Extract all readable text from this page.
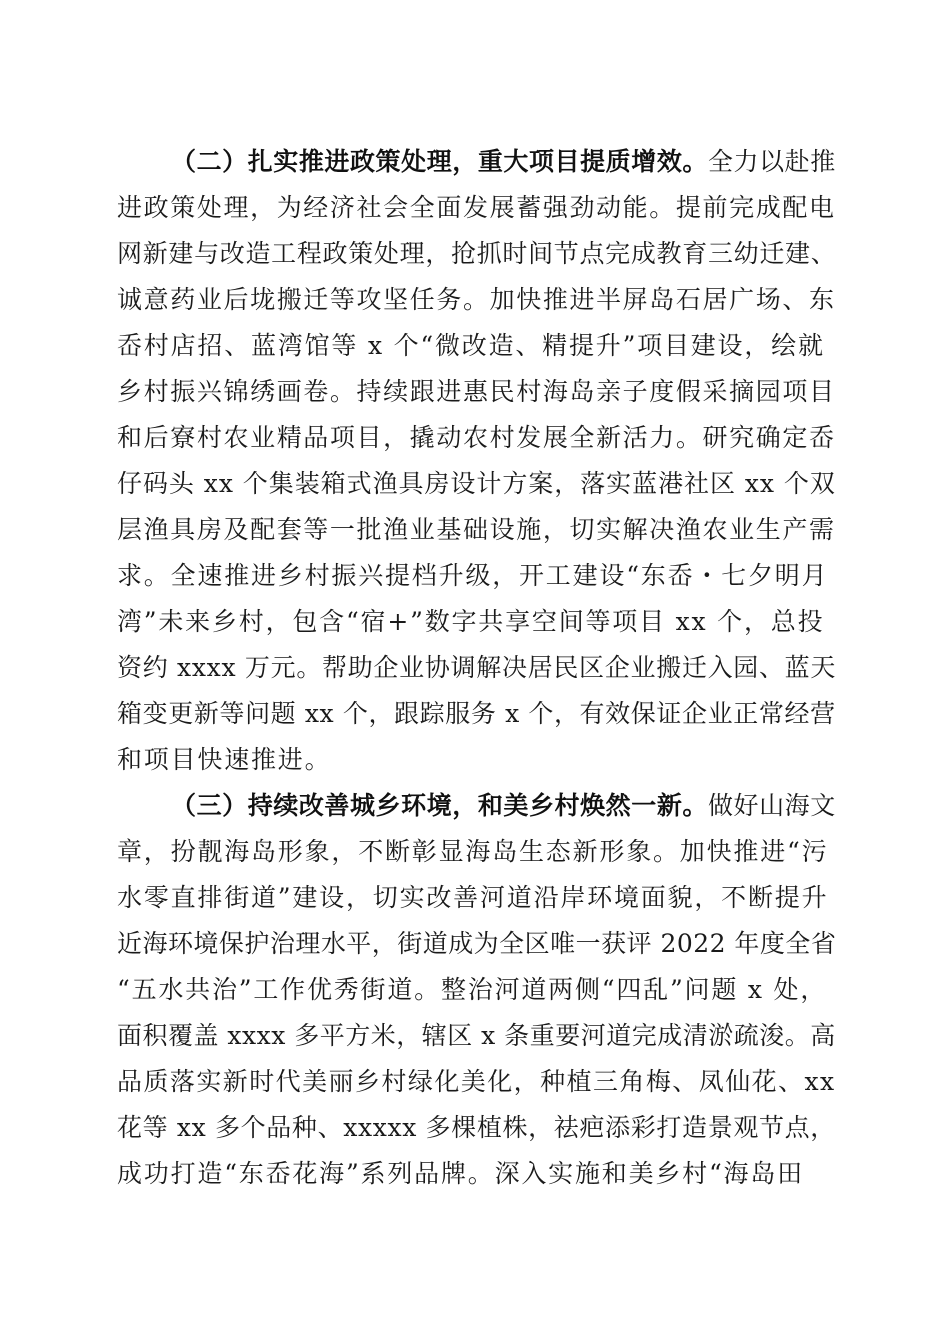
（二）扎实推进政策处理，重大项目提质增效。全力以赴推
进政策处理，为经济社会全面发展蓄强劲动能。提前完成配电
网新建与改造工程政策处理，抢抓时间节点完成教育三幼迁建、
诚意药业后垅搬迁等攻坚任务。加快推进半屏岛石居广场、东
岙村店招、蓝湾馆等 x 个“微改造、精提升”项目建设，绘就
乡村振兴锦绣画卷。持续跟进惠民村海岛亲子度假采摘园项目
和后寮村农业精品项目，撬动农村发展全新活力。研究确定岙
仔码头 xx 个集装箱式渔具房设计方案，落实蓝港社区 xx 个双
层渔具房及配套等一批渔业基础设施，切实解决渔农业生产需
求。全速推进乡村振兴提档升级，开工建设“东岙・七夕明月
湾”未来乡村，包含“宿+”数字共享空间等项目 xx 个，总投
资约 xxxx 万元。帮助企业协调解决居民区企业搬迁入园、蓝天
箱变更新等问题 xx 个，跟踪服务 x 个，有效保证企业正常经营
和项目快速推进。
（三）持续改善城乡环境，和美乡村焕然一新。做好山海文
章，扮靓海岛形象，不断彰显海岛生态新形象。加快推进“污
水零直排街道”建设，切实改善河道沿岸环境面貌，不断提升
近海环境保护治理水平，街道成为全区唯一获评 2022 年度全省
“五水共治”工作优秀街道。整治河道两侧“四乱”问题 x 处，
面积覆盖 xxxx 多平方米，辖区 x 条重要河道完成清淤疏浚。高
品质落实新时代美丽乡村绿化美化，种植三角梅、凤仙花、xx
花等 xx 多个品种、xxxxx 多棵植株，祛疤添彩打造景观节点，
成功打造“东岙花海”系列品牌。深入实施和美乡村“海岛田
